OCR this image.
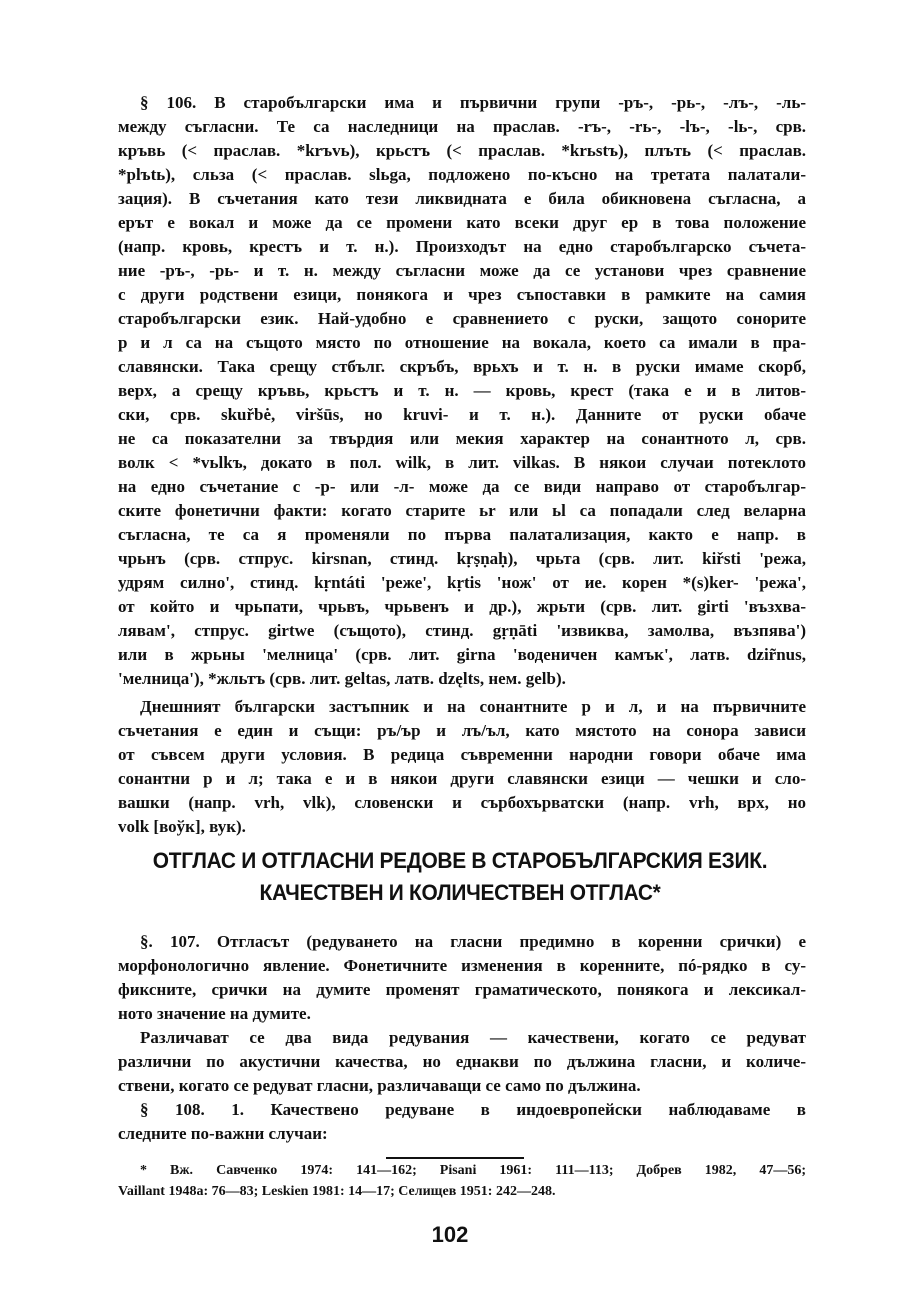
§ 106. В старобългарски има и първични групи -ръ-, -рь-, -лъ-, -ль-
между съгласни. Те са наследници на праслав. -rъ-, -rь-, -lъ-, -lь-, срв.
кръвь (< праслав. *krъvь), крьстъ (< праслав. *krьstъ), плъть (< праслав.
*plъtь), сльза (< праслав. slьga, подложено по-късно на третата палатали-
зация). В съчетания като тези ликвидната е била обикновена съгласна, а
ерът е вокал и може да се промени като всеки друг ер в това положение
(напр. кровь, крестъ и т. н.). Произходът на едно старобългарско съчета-
ние -ръ-, -рь- и т. н. между съгласни може да се установи чрез сравнение
с други родствени езици, понякога и чрез съпоставки в рамките на самия
старобългарски език. Най-удобно е сравнението с руски, защото сонорите
р и л са на същото място по отношение на вокала, което са имали в пра-
славянски. Така срещу стбълг. скръбъ, врьхъ и т. н. в руски имаме скорб,
верх, а срещу кръвь, крьстъ и т. н. — кровь, крест (така е и в литов-
ски, срв. skuřbė, viršūs, но kruvi- и т. н.). Данните от руски обаче
не са показателни за твърдия или мекия характер на сонантното л, срв.
волк < *vьlkъ, докато в пол. wilk, в лит. vilkas. В някои случаи потеклото
на едно съчетание с -р- или -л- може да се види направо от старобългар-
ските фонетични факти: когато старите ьr или ьl са попадали след веларна
съгласна, те са я променяли по първа палатализация, както е напр. в
чрьнъ (срв. стпрус. kirsnan, стинд. kṛṣṇaḥ), чрьта (срв. лит. kiřsti 'режа,
удрям силно', стинд. kṛntáti 'реже', kṛtis 'нож' от ие. корен *(s)ker- 'режа',
от който и чрьпати, чрьвъ, чрьвенъ и др.), жрьти (срв. лит. girti 'възхва-
лявам', стпрус. girtwe (същото), стинд. gṛṇāti 'извиква, замолва, възпява')
или в жрьны 'мелница' (срв. лит. girna 'воденичен камък', латв. dzir̃nus,
'мелница'), *жльтъ (срв. лит. geltas, латв. dzęlts, нем. gelb).
Днешният български застъпник и на сонантните р и л, и на първичните
съчетания е един и същи: ръ/ър и лъ/ъл, като мястото на сонора зависи
от съвсем други условия. В редица съвременни народни говори обаче има
сонантни р и л; така е и в някои други славянски езици — чешки и сло-
вашки (напр. vrh, vlk), словенски и сърбохърватски (напр. vrh, врх, но
volk [воўк], вук).
ОТГЛАС И ОТГЛАСНИ РЕДОВЕ В СТАРОБЪЛГАРСКИЯ ЕЗИК.
КАЧЕСТВЕН И КОЛИЧЕСТВЕН ОТГЛАС*
§. 107. Отгласът (редуването на гласни предимно в коренни срички) е
морфонологично явление. Фонетичните изменения в коренните, пó-рядко в су-
фиксните, срички на думите променят граматическото, понякога и лексикал-
ното значение на думите.
Различават се два вида редувания — качествени, когато се редуват
различни по акустични качества, но еднакви по дължина гласни, и количе-
ствени, когато се редуват гласни, различаващи се само по дължина.
§ 108. 1. Качествено редуване в индоевропейски наблюдаваме в
следните по-важни случаи:
* Вж. Савченко 1974: 141—162; Pisani 1961: 111—113; Добрев 1982, 47—56;
Vaillant 1948a: 76—83; Leskien 1981: 14—17; Селищев 1951: 242—248.
102
